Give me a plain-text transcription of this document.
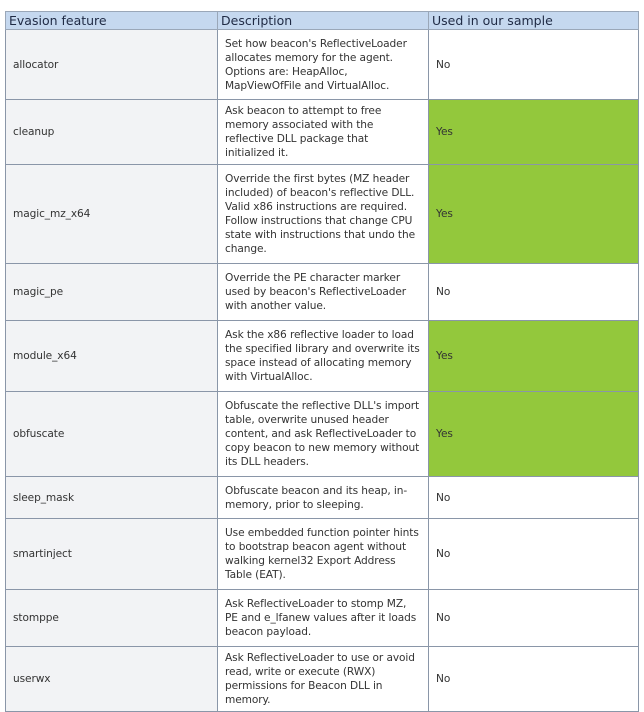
Evasion feature	Description	Used in our sample
allocator	Set how beacon's ReflectiveLoader allocates memory for the agent. Options are: HeapAlloc, MapViewOfFile and VirtualAlloc.	No
cleanup	Ask beacon to attempt to free memory associated with the reflective DLL package that initialized it.	Yes
magic_mz_x64	Override the first bytes (MZ header included) of beacon's reflective DLL. Valid x86 instructions are required. Follow instructions that change CPU state with instructions that undo the change.	Yes
magic_pe	Override the PE character marker used by beacon's ReflectiveLoader with another value.	No
module_x64	Ask the x86 reflective loader to load the specified library and overwrite its space instead of allocating memory with VirtualAlloc.	Yes
obfuscate	Obfuscate the reflective DLL's import table, overwrite unused header content, and ask ReflectiveLoader to copy beacon to new memory without its DLL headers.	Yes
sleep_mask	Obfuscate beacon and its heap, in-memory, prior to sleeping.	No
smartinject	Use embedded function pointer hints to bootstrap beacon agent without walking kernel32 Export Address Table (EAT).	No
stomppe	Ask ReflectiveLoader to stomp MZ, PE and e_lfanew values after it loads beacon payload.	No
userwx	Ask ReflectiveLoader to use or avoid read, write or execute (RWX) permissions for Beacon DLL in memory.	No
